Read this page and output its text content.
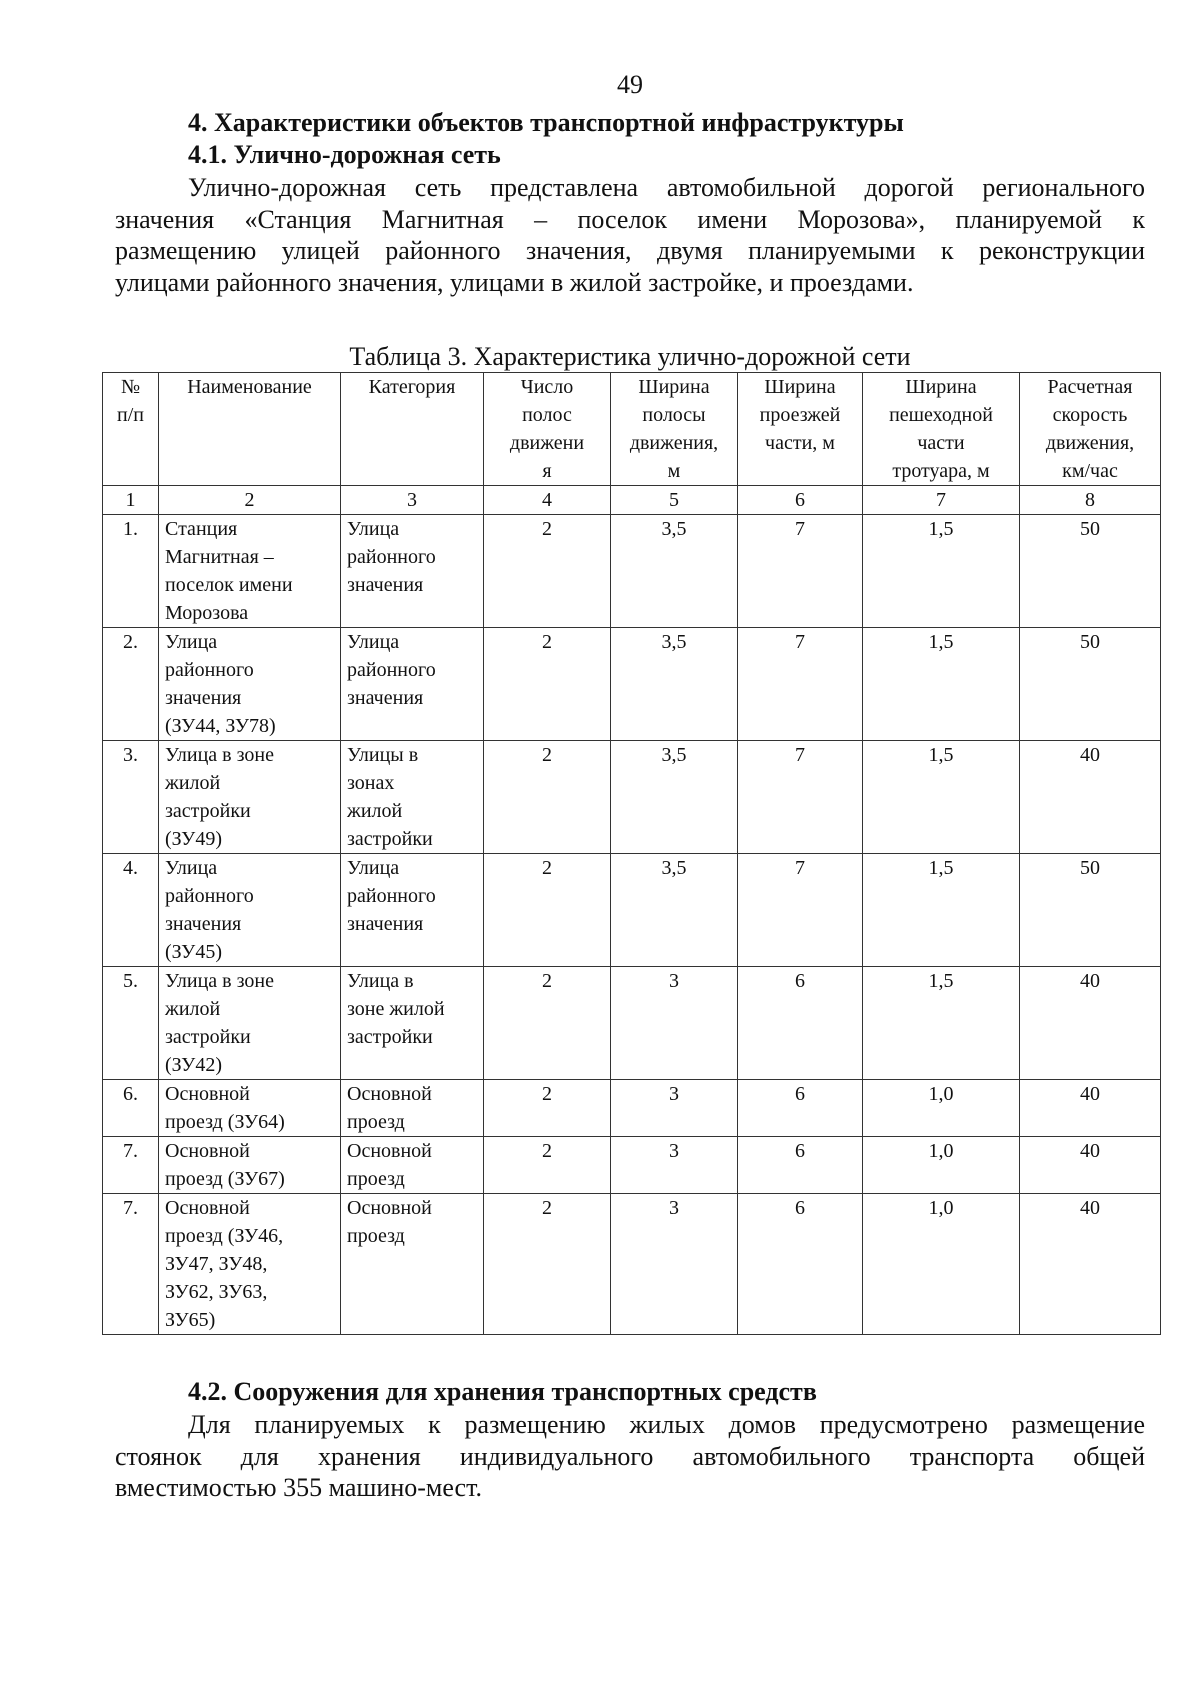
49
4. Характеристики объектов транспортной инфраструктуры
4.1. Улично-дорожная сеть
Улично-дорожная сеть представлена автомобильной дорогой регионального
значения «Станция Магнитная – поселок имени Морозова», планируемой к
размещению улицей районного значения, двумя планируемыми к реконструкции
улицами районного значения, улицами в жилой застройке, и проездами.
Таблица 3. Характеристика улично-дорожной сети
№
п/п	Наименование	Категория	Число
полос
движени
я	Ширина
полосы
движения,
м	Ширина
проезжей
части, м	Ширина
пешеходной
части
тротуара, м	Расчетная
скорость
движения,
км/час
1	2	3	4	5	6	7	8
1.	Станция
Магнитная –
поселок имени
Морозова	Улица
районного
значения	2	3,5	7	1,5	50
2.	Улица
районного
значения
(ЗУ44, ЗУ78)	Улица
районного
значения	2	3,5	7	1,5	50
3.	Улица в зоне
жилой
застройки
(ЗУ49)	Улицы в
зонах
жилой
застройки	2	3,5	7	1,5	40
4.	Улица
районного
значения
(ЗУ45)	Улица
районного
значения	2	3,5	7	1,5	50
5.	Улица в зоне
жилой
застройки
(ЗУ42)	Улица в
зоне жилой
застройки	2	3	6	1,5	40
6.	Основной
проезд (ЗУ64)	Основной
проезд	2	3	6	1,0	40
7.	Основной
проезд (ЗУ67)	Основной
проезд	2	3	6	1,0	40
7.	Основной
проезд (ЗУ46,
ЗУ47, ЗУ48,
ЗУ62, ЗУ63,
ЗУ65)	Основной
проезд	2	3	6	1,0	40
4.2. Сооружения для хранения транспортных средств
Для планируемых к размещению жилых домов предусмотрено размещение
стоянок для хранения индивидуального автомобильного транспорта общей
вместимостью 355 машино-мест.
